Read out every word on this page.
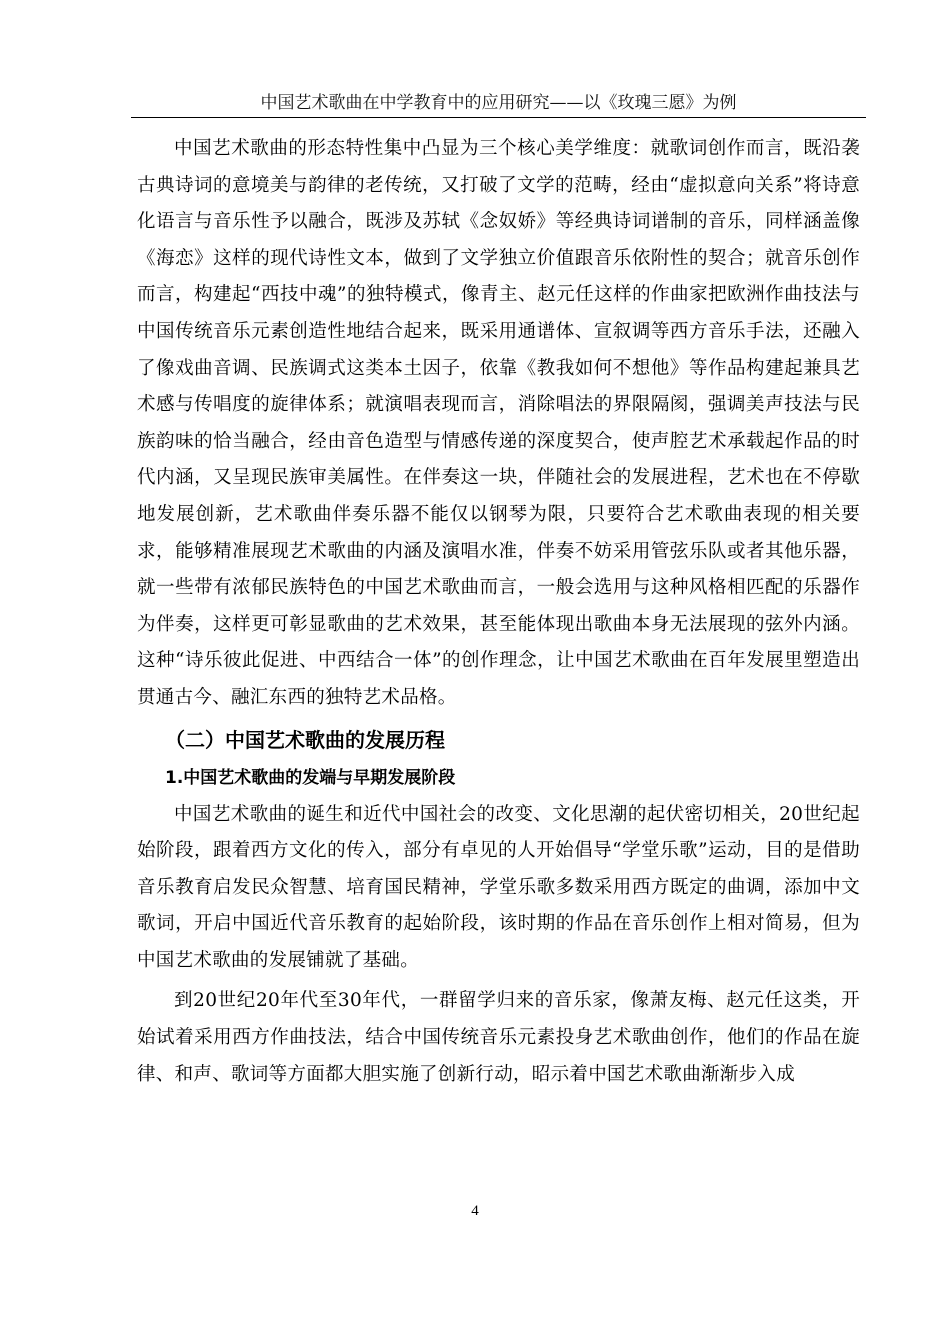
中国艺术歌曲在中学教育中的应用研究——以《玫瑰三愿》为例

中国艺术歌曲的形态特性集中凸显为三个核心美学维度：就歌词创作而言，既沿袭古典诗词的意境美与韵律的老传统，又打破了文学的范畴，经由“虚拟意向关系”将诗意化语言与音乐性予以融合，既涉及苏轼《念奴娇》等经典诗词谱制的音乐，同样涵盖像《海恋》这样的现代诗性文本，做到了文学独立价值跟音乐依附性的契合；就音乐创作而言，构建起“西技中魂”的独特模式，像青主、赵元任这样的作曲家把欧洲作曲技法与中国传统音乐元素创造性地结合起来，既采用通谱体、宣叙调等西方音乐手法，还融入了像戏曲音调、民族调式这类本土因子，依靠《教我如何不想他》等作品构建起兼具艺术感与传唱度的旋律体系；就演唱表现而言，消除唱法的界限隔阂，强调美声技法与民族韵味的恰当融合，经由音色造型与情感传递的深度契合，使声腔艺术承载起作品的时代内涵，又呈现民族审美属性。在伴奏这一块，伴随社会的发展进程，艺术也在不停歇地发展创新，艺术歌曲伴奏乐器不能仅以钢琴为限，只要符合艺术歌曲表现的相关要求，能够精准展现艺术歌曲的内涵及演唱水准，伴奏不妨采用管弦乐队或者其他乐器，就一些带有浓郁民族特色的中国艺术歌曲而言，一般会选用与这种风格相匹配的乐器作为伴奏，这样更可彰显歌曲的艺术效果，甚至能体现出歌曲本身无法展现的弦外内涵。这种“诗乐彼此促进、中西结合一体”的创作理念，让中国艺术歌曲在百年发展里塑造出贯通古今、融汇东西的独特艺术品格。

（二）中国艺术歌曲的发展历程
1.中国艺术歌曲的发端与早期发展阶段

中国艺术歌曲的诞生和近代中国社会的改变、文化思潮的起伏密切相关，20世纪起始阶段，跟着西方文化的传入，部分有卓见的人开始倡导“学堂乐歌”运动，目的是借助音乐教育启发民众智慧、培育国民精神，学堂乐歌多数采用西方既定的曲调，添加中文歌词，开启中国近代音乐教育的起始阶段，该时期的作品在音乐创作上相对简易，但为中国艺术歌曲的发展铺就了基础。

到20世纪20年代至30年代，一群留学归来的音乐家，像萧友梅、赵元任这类，开始试着采用西方作曲技法，结合中国传统音乐元素投身艺术歌曲创作，他们的作品在旋律、和声、歌词等方面都大胆实施了创新行动，昭示着中国艺术歌曲渐渐步入成

4
